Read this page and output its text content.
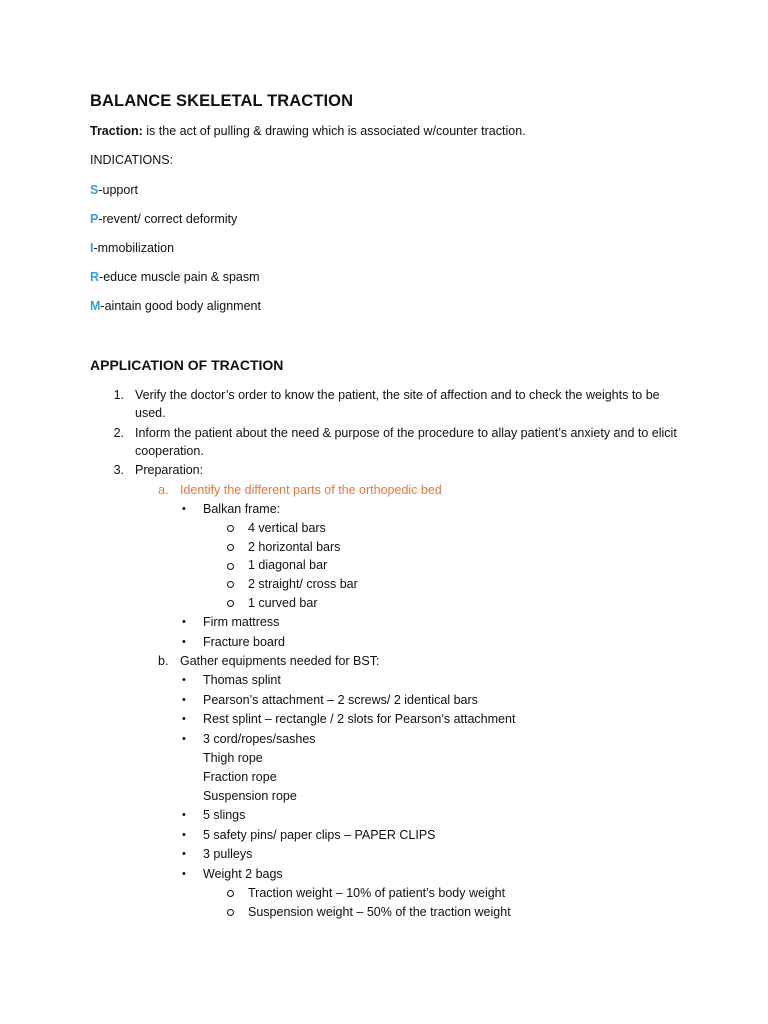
BALANCE SKELETAL TRACTION
Traction: is the act of pulling & drawing which is associated w/counter traction.
INDICATIONS:
S-upport
P-revent/ correct deformity
I-mmobilization
R-educe muscle pain & spasm
M-aintain good body alignment
APPLICATION OF TRACTION
1. Verify the doctor’s order to know the patient, the site of affection and to check the weights to be used.
2. Inform the patient about the need & purpose of the procedure to allay patient’s anxiety and to elicit cooperation.
3. Preparation:
a. Identify the different parts of the orthopedic bed
• Balkan frame:
4 vertical bars
2 horizontal bars
1 diagonal bar
2 straight/ cross bar
1 curved bar
• Firm mattress
• Fracture board
b. Gather equipments needed for BST:
• Thomas splint
• Pearson’s attachment – 2 screws/ 2 identical bars
• Rest splint – rectangle / 2 slots for Pearson’s attachment
• 3 cord/ropes/sashes
Thigh rope
Fraction rope
Suspension rope
• 5 slings
• 5 safety pins/ paper clips – PAPER CLIPS
• 3 pulleys
• Weight 2 bags
Traction weight – 10% of patient’s body weight
Suspension weight – 50% of the traction weight
